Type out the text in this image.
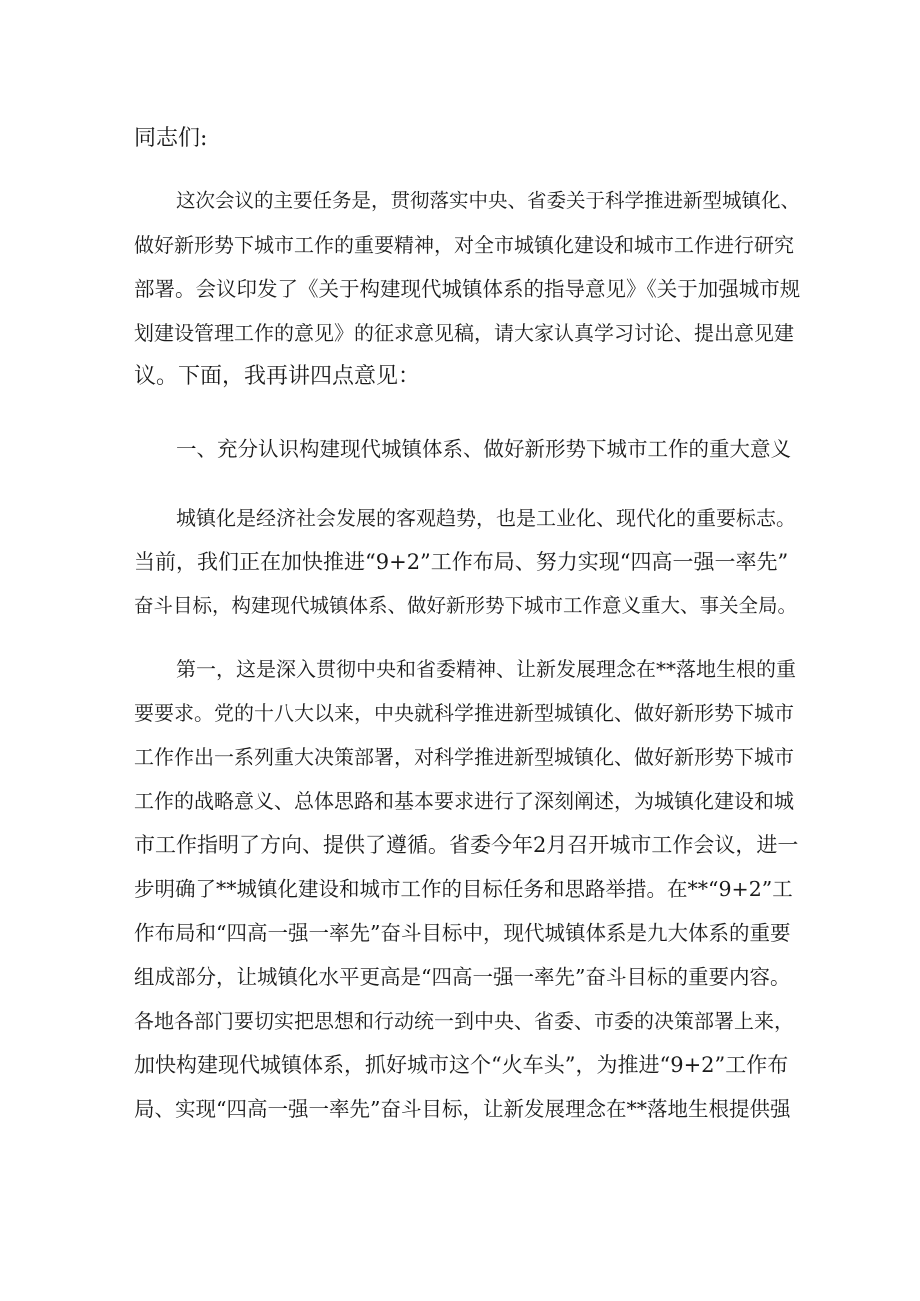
同志们:
这次会议的主要任务是，贯彻落实中央、省委关于科学推进新型城镇化、
做好新形势下城市工作的重要精神，对全市城镇化建设和城市工作进行研究
部署。会议印发了《关于构建现代城镇体系的指导意见》《关于加强城市规
划建设管理工作的意见》的征求意见稿，请大家认真学习讨论、提出意见建
议。下面，我再讲四点意见：
一、充分认识构建现代城镇体系、做好新形势下城市工作的重大意义
城镇化是经济社会发展的客观趋势，也是工业化、现代化的重要标志。
当前，我们正在加快推进“9+2”工作布局、努力实现“四高一强一率先”
奋斗目标，构建现代城镇体系、做好新形势下城市工作意义重大、事关全局。
第一，这是深入贯彻中央和省委精神、让新发展理念在**落地生根的重
要要求。党的十八大以来，中央就科学推进新型城镇化、做好新形势下城市
工作作出一系列重大决策部署，对科学推进新型城镇化、做好新形势下城市
工作的战略意义、总体思路和基本要求进行了深刻阐述，为城镇化建设和城
市工作指明了方向、提供了遵循。省委今年2月召开城市工作会议，进一
步明确了**城镇化建设和城市工作的目标任务和思路举措。在**“9+2”工
作布局和“四高一强一率先”奋斗目标中，现代城镇体系是九大体系的重要
组成部分，让城镇化水平更高是“四高一强一率先”奋斗目标的重要内容。
各地各部门要切实把思想和行动统一到中央、省委、市委的决策部署上来，
加快构建现代城镇体系，抓好城市这个“火车头”，为推进“9+2”工作布
局、实现“四高一强一率先”奋斗目标，让新发展理念在**落地生根提供强
